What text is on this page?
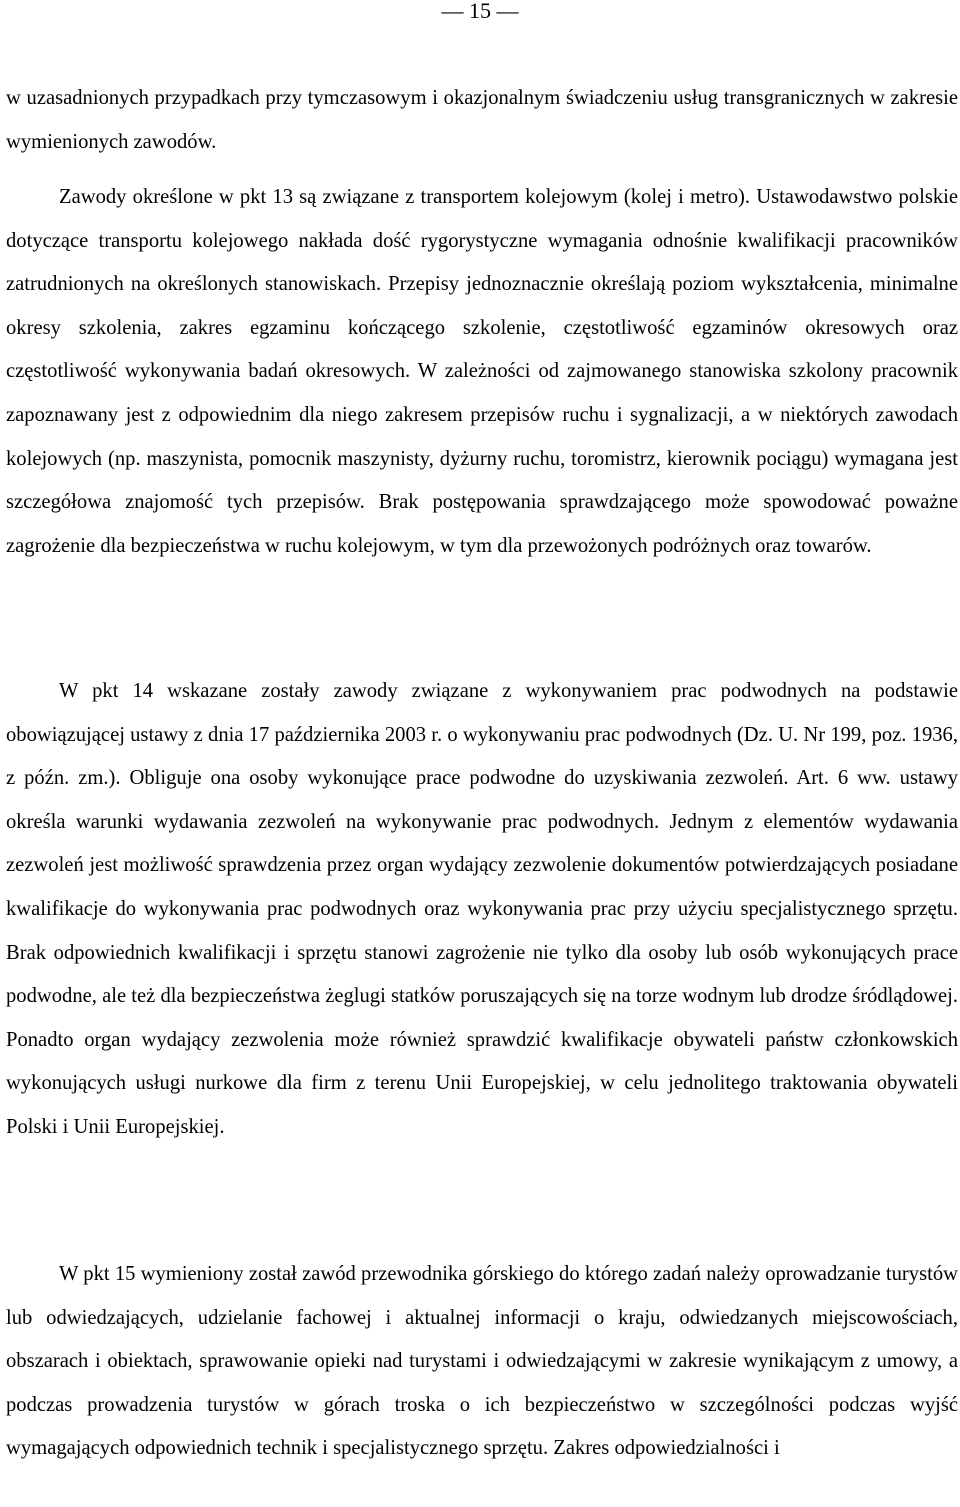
— 15 —

w uzasadnionych przypadkach przy tymczasowym i okazjonalnym świadczeniu usług transgranicznych w zakresie wymienionych zawodów.

Zawody określone w pkt 13 są związane z transportem kolejowym (kolej i metro). Ustawodawstwo polskie dotyczące transportu kolejowego nakłada dość rygorystyczne wymagania odnośnie kwalifikacji pracowników zatrudnionych na określonych stanowiskach. Przepisy jednoznacznie określają poziom wykształcenia, minimalne okresy szkolenia, zakres egzaminu kończącego szkolenie, częstotliwość egzaminów okresowych oraz częstotliwość wykonywania badań okresowych. W zależności od zajmowanego stanowiska szkolony pracownik zapoznawany jest z odpowiednim dla niego zakresem przepisów ruchu i sygnalizacji, a w niektórych zawodach kolejowych (np. maszynista, pomocnik maszynisty, dyżurny ruchu, toromistrz, kierownik pociągu) wymagana jest szczegółowa znajomość tych przepisów. Brak postępowania sprawdzającego może spowodować poważne zagrożenie dla bezpieczeństwa w ruchu kolejowym, w tym dla przewożonych podróżnych oraz towarów.

W pkt 14 wskazane zostały zawody związane z wykonywaniem prac podwodnych na podstawie obowiązującej ustawy z dnia 17 października 2003 r. o wykonywaniu prac podwodnych (Dz. U. Nr 199, poz. 1936, z późn. zm.). Obliguje ona osoby wykonujące prace podwodne do uzyskiwania zezwoleń. Art. 6 ww. ustawy określa warunki wydawania zezwoleń na wykonywanie prac podwodnych. Jednym z elementów wydawania zezwoleń jest możliwość sprawdzenia przez organ wydający zezwolenie dokumentów potwierdzających posiadane kwalifikacje do wykonywania prac podwodnych oraz wykonywania prac przy użyciu specjalistycznego sprzętu. Brak odpowiednich kwalifikacji i sprzętu stanowi zagrożenie nie tylko dla osoby lub osób wykonujących prace podwodne, ale też dla bezpieczeństwa żeglugi statków poruszających się na torze wodnym lub drodze śródlądowej. Ponadto organ wydający zezwolenia może również sprawdzić kwalifikacje obywateli państw członkowskich wykonujących usługi nurkowe dla firm z terenu Unii Europejskiej, w celu jednolitego traktowania obywateli Polski i Unii Europejskiej.

W pkt 15 wymieniony został zawód przewodnika górskiego do którego zadań należy oprowadzanie turystów lub odwiedzających, udzielanie fachowej i aktualnej informacji o kraju, odwiedzanych miejscowościach, obszarach i obiektach, sprawowanie opieki nad turystami i odwiedzającymi w zakresie wynikającym z umowy, a podczas prowadzenia turystów w górach troska o ich bezpieczeństwo w szczególności podczas wyjść wymagających odpowiednich technik i specjalistycznego sprzętu. Zakres odpowiedzialności i
